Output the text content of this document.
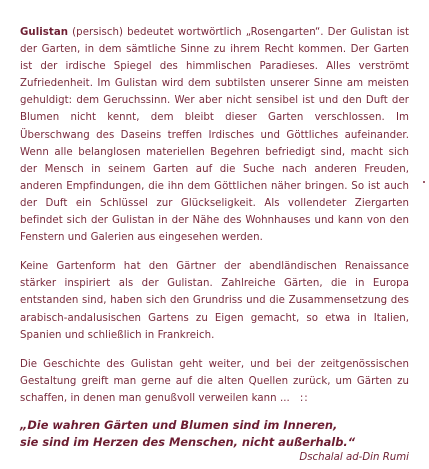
Gulistan (persisch) bedeutet wortwörtlich „Rosengarten“. Der Gulistan ist der Garten, in dem sämtliche Sinne zu ihrem Recht kommen. Der Garten ist der irdische Spiegel des himmlischen Paradieses. Alles verströmt Zufriedenheit. Im Gulistan wird dem subtilsten unserer Sinne am meisten gehuldigt: dem Geruchssinn. Wer aber nicht sensibel ist und den Duft der Blumen nicht kennt, dem bleibt dieser Garten verschlossen. Im Überschwang des Daseins treffen Irdisches und Göttliches aufeinander. Wenn alle belanglosen materiellen Begehren befriedigt sind, macht sich der Mensch in seinem Garten auf die Suche nach anderen Freuden, anderen Empfindungen, die ihn dem Göttlichen näher bringen. So ist auch der Duft ein Schlüssel zur Glückseligkeit. Als vollendeter Ziergarten befindet sich der Gulistan in der Nähe des Wohnhauses und kann von den Fenstern und Galerien aus eingesehen werden.

Keine Gartenform hat den Gärtner der abendländischen Renaissance stärker inspiriert als der Gulistan. Zahlreiche Gärten, die in Europa entstanden sind, haben sich den Grundriss und die Zusammensetzung des arabisch-andalusischen Gartens zu Eigen gemacht, so etwa in Italien, Spanien und schließlich in Frankreich.

Die Geschichte des Gulistan geht weiter, und bei der zeitgenössischen Gestaltung greift man gerne auf die alten Quellen zurück, um Gärten zu schaffen, in denen man genußvoll verweilen kann ... ::

„Die wahren Gärten und Blumen sind im Inneren,
sie sind im Herzen des Menschen, nicht außerhalb.“
Dschalal ad-Din Rumi
